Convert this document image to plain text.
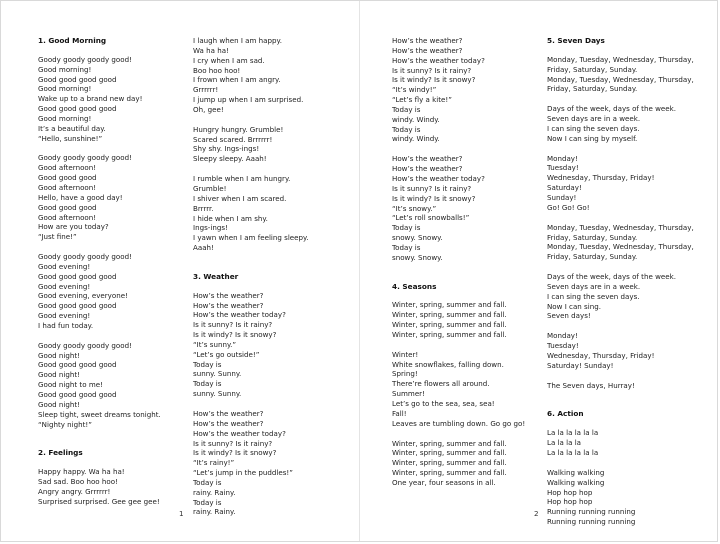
1. Good Morning
Goody goody goody good!
Good morning!
Good good good good
Good morning!
Wake up to a brand new day!
Good good good good
Good morning!
It’s a beautiful day.
“Hello, sunshine!”
Goody goody goody good!
Good afternoon!
Good good good
Good afternoon!
Hello, have a good day!
Good good good
Good afternoon!
How are you today?
“Just fine!”
Goody goody goody good!
Good evening!
Good good good good
Good evening!
Good evening, everyone!
Good good good good
Good evening!
I had fun today.
Goody goody goody good!
Good night!
Good good good good
Good night!
Good night to me!
Good good good good
Good night!
Sleep tight, sweet dreams tonight.
“Nighty night!”
2. Feelings
Happy happy. Wa ha ha!
Sad sad. Boo hoo hoo!
Angry angry. Grrrrrr!
Surprised surprised. Gee gee gee!
I laugh when I am happy.
Wa ha ha!
I cry when I am sad.
Boo hoo hoo!
I frown when I am angry.
Grrrrrr!
I jump up when I am surprised.
Oh, gee!
Hungry hungry. Grumble!
Scared scared. Brrrrrr!
Shy shy. Ings-ings!
Sleepy sleepy. Aaah!
I rumble when I am hungry.
Grumble!
I shiver when I am scared.
Brrrrr.
I hide when I am shy.
Ings-ings!
I yawn when I am feeling sleepy.
Aaah!
3. Weather
How’s the weather?
How’s the weather?
How’s the weather today?
Is it sunny? Is it rainy?
Is it windy? Is it snowy?
“It’s sunny.”
“Let’s go outside!”
Today is
sunny. Sunny.
Today is
sunny. Sunny.
How’s the weather?
How’s the weather?
How’s the weather today?
Is it sunny? Is it rainy?
Is it windy? Is it snowy?
“It’s rainy!”
“Let’s jump in the puddles!”
Today is
rainy. Rainy.
Today is
rainy. Rainy.
How’s the weather?
How’s the weather?
How’s the weather today?
Is it sunny? Is it rainy?
Is it windy? Is it snowy?
“It’s windy!”
“Let’s fly a kite!”
Today is
windy. Windy.
Today is
windy. Windy.
How’s the weather?
How’s the weather?
How’s the weather today?
Is it sunny? Is it rainy?
Is it windy? Is it snowy?
“It’s snowy.”
“Let’s roll snowballs!”
Today is
snowy. Snowy.
Today is
snowy. Snowy.
4. Seasons
Winter, spring, summer and fall.
Winter, spring, summer and fall.
Winter, spring, summer and fall.
Winter, spring, summer and fall.
Winter!
White snowflakes, falling down.
Spring!
There’re flowers all around.
Summer!
Let’s go to the sea, sea, sea!
Fall!
Leaves are tumbling down. Go go go!
Winter, spring, summer and fall.
Winter, spring, summer and fall.
Winter, spring, summer and fall.
Winter, spring, summer and fall.
One year, four seasons in all.
5. Seven Days
Monday, Tuesday, Wednesday, Thursday,
Friday, Saturday, Sunday.
Monday, Tuesday, Wednesday, Thursday,
Friday, Saturday, Sunday.
Days of the week, days of the week.
Seven days are in a week.
I can sing the seven days.
Now I can sing by myself.
Monday!
Tuesday!
Wednesday, Thursday, Friday!
Saturday!
Sunday!
Go! Go! Go!
Monday, Tuesday, Wednesday, Thursday,
Friday, Saturday, Sunday.
Monday, Tuesday, Wednesday, Thursday,
Friday, Saturday, Sunday.
Days of the week, days of the week.
Seven days are in a week.
I can sing the seven days.
Now I can sing.
Seven days!
Monday!
Tuesday!
Wednesday, Thursday, Friday!
Saturday! Sunday!
The Seven days, Hurray!
6. Action
La la la la la la
La la la la
La la la la la la
Walking walking
Walking walking
Hop hop hop
Hop hop hop
Running running running
Running running running
1	2
